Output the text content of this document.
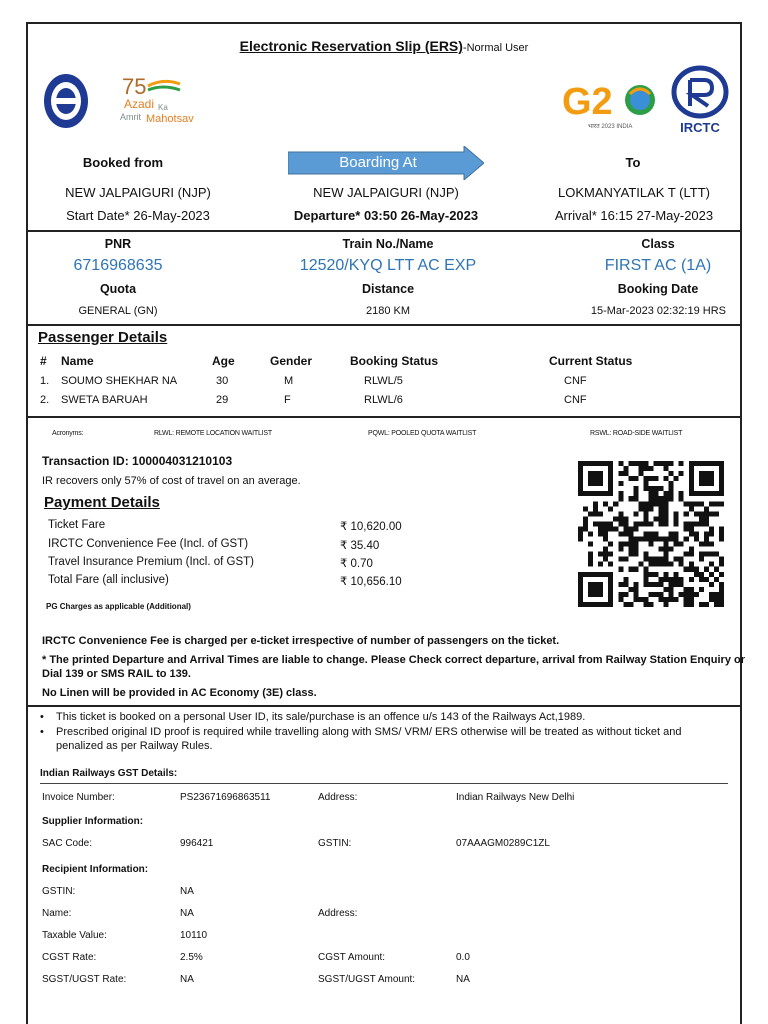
Electronic Reservation Slip (ERS)-Normal User
75
Azadi Ka
Amrit Mahotsav	G2
भारत 2023 INDIA	IRCTC
Booked from	Boarding At	To
NEW JALPAIGURI (NJP)	NEW JALPAIGURI (NJP)	LOKMANYATILAK T (LTT)
Start Date* 26-May-2023	Departure* 03:50 26-May-2023	Arrival* 16:15 27-May-2023
PNR	Train No./Name	Class
6716968635	12520/KYQ LTT AC EXP	FIRST AC (1A)
Quota	Distance	Booking Date
GENERAL (GN)	2180 KM	15-Mar-2023 02:32:19 HRS
Passenger Details
# Name	Age	Gender	Booking Status	Current Status
1. SOUMO SHEKHAR NA	30	M	RLWL/5	CNF
2. SWETA BARUAH	29	F	RLWL/6	CNF
Acronyms:	RLWL: REMOTE LOCATION WAITLIST	PQWL: POOLED QUOTA WAITLIST	RSWL: ROAD-SIDE WAITLIST
Transaction ID: 100004031210103
IR recovers only 57% of cost of travel on an average.
Payment Details
Ticket Fare	₹ 10,620.00
IRCTC Convenience Fee (Incl. of GST)	₹ 35.40
Travel Insurance Premium (Incl. of GST)	₹ 0.70
Total Fare (all inclusive)	₹ 10,656.10
PG Charges as applicable (Additional)
IRCTC Convenience Fee is charged per e-ticket irrespective of number of passengers on the ticket.
* The printed Departure and Arrival Times are liable to change. Please Check correct departure, arrival from Railway Station Enquiry or
Dial 139 or SMS RAIL to 139.
No Linen will be provided in AC Economy (3E) class.
• This ticket is booked on a personal User ID, its sale/purchase is an offence u/s 143 of the Railways Act,1989.
• Prescribed original ID proof is required while travelling along with SMS/ VRM/ ERS otherwise will be treated as without ticket and
penalized as per Railway Rules.
Indian Railways GST Details:
Invoice Number:	PS23671696863511	Address:	Indian Railways New Delhi
Supplier Information:
SAC Code:	996421	GSTIN:	07AAAGM0289C1ZL
Recipient Information:
GSTIN:	NA
Name:	NA	Address:
Taxable Value:	10110
CGST Rate:	2.5%	CGST Amount:	0.0
SGST/UGST Rate:	NA	SGST/UGST Amount:	NA
